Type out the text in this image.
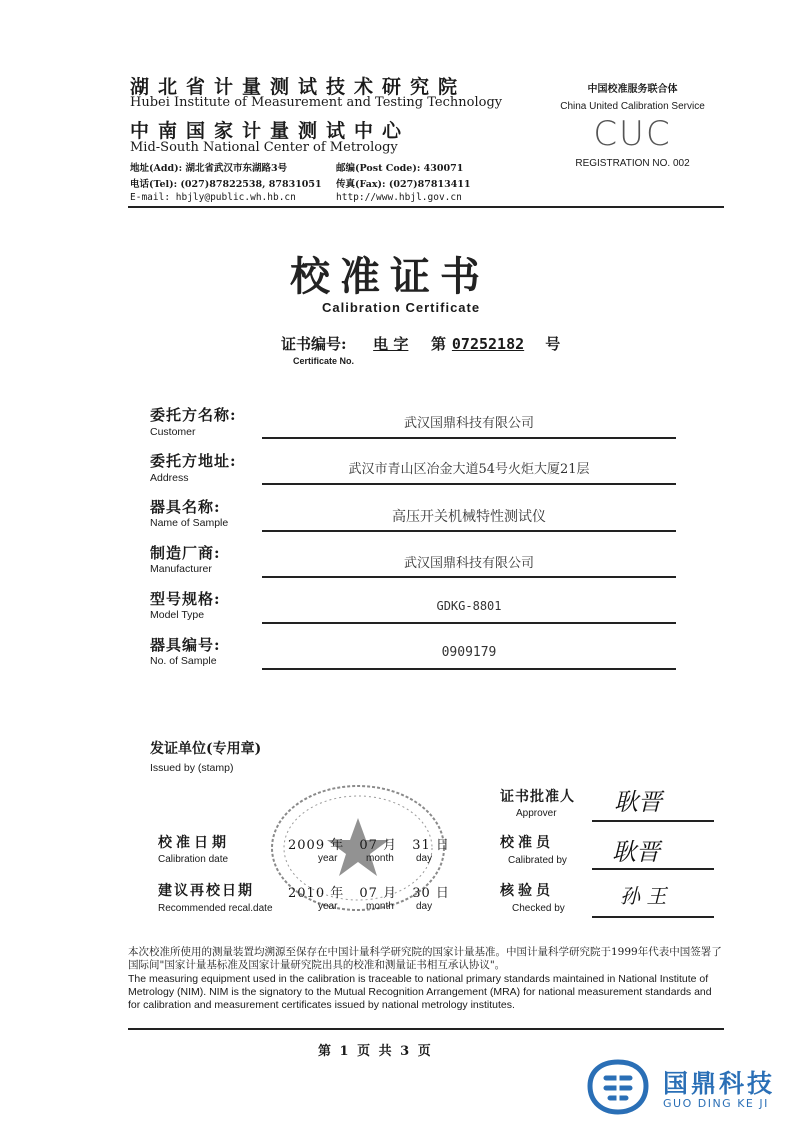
湖北省计量测试技术研究院
Hubei Institute of Measurement and Testing Technology
中南国家计量测试中心
Mid-South National Center of Metrology
地址(Add): 湖北省武汉市东湖路3号	邮编(Post Code): 430071
电话(Tel): (027)87822538, 87831051 传真(Fax): (027)87813411
E-mail: hbjly@public.wh.hb.cn	http://www.hbjl.gov.cn
中国校准服务联合体
China United Calibration Service
CUC
REGISTRATION NO. 002
校准证书
Calibration Certificate
证书编号: 电 字 第 07252182 号
Certificate No.
委托方名称:
Customer
武汉国鼎科技有限公司
委托方地址:
Address
武汉市青山区冶金大道54号火炬大厦21层
器具名称:
Name of Sample	高压开关机械特性测试仪
制造厂商:
Manufacturer	武汉国鼎科技有限公司
型号规格:
Model Type
GDKG-8801
器具编号:
No. of Sample
0909179
发证单位(专用章)
Issued by (stamp)
校准日期
Calibration date
2009 年 07 月 31 日
year	month day
建议再校日期
Recommended recal.date
2010 年 07 月 30 日
year	month day
证书批准人
Approver 耿晋
校准员
Calibrated by 耿晋
核验员
Checked by
孙 王
本次校准所使用的测量装置均溯源至保存在中国计量科学研究院的国家计量基准。中国计量科学研究院于1999年代表中国签署了国际间"国家计量基标准及国家计量研究院出具的校准和测量证书相互承认协议"。
The measuring equipment used in the calibration is traceable to national primary standards maintained in National Institute of Metrology (NIM). NIM is the signatory to the Mutual Recognition Arrangement (MRA) for national measurement standards and for calibration and measurement certificates issued by national metrology institutes.
第 1 页 共 3 页
国鼎科技
GUO DING KE JI
